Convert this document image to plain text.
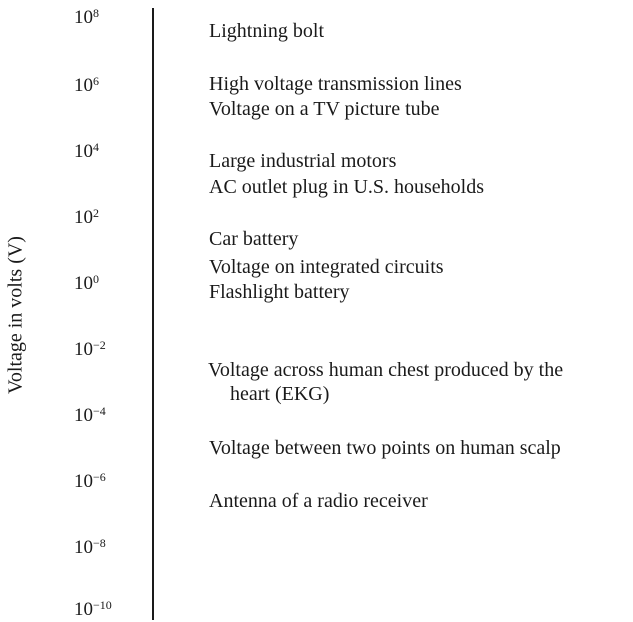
Voltage in volts (V)
$10^8$
$10^6$
$10^4$
$10^2$
$10^0$
$10^{-2}$
$10^{-4}$
$10^{-6}$
$10^{-8}$
$10^{-10}$
Lightning bolt
High voltage transmission lines
Voltage on a TV picture tube
Large industrial motors
AC outlet plug in U.S. households
Car battery
Voltage on integrated circuits
Flashlight battery
Voltage across human chest produced by the
heart (EKG)
Voltage between two points on human scalp
Antenna of a radio receiver
